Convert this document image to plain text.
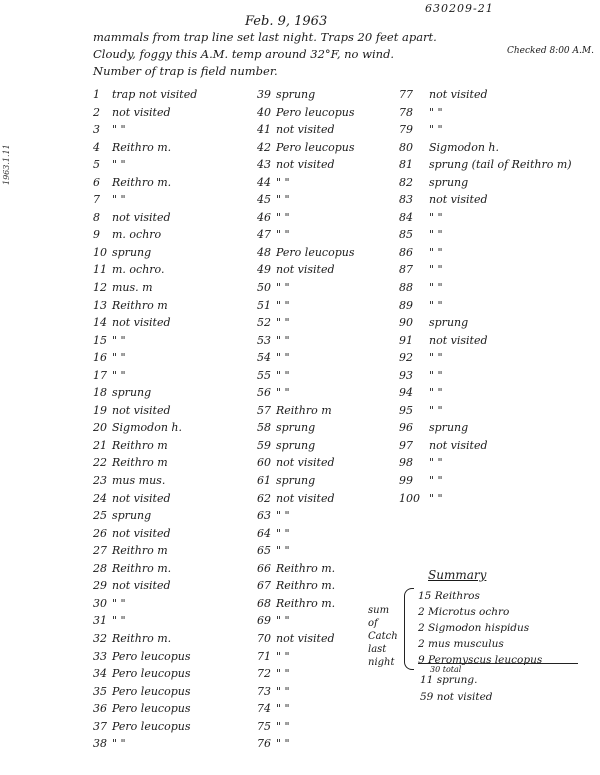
1963.1.11
630209-21
Feb. 9, 1963
mammals from trap line set last night. Traps 20 feet apart.
Cloudy, foggy this A.M. temp around 32°F, no wind.	Checked 8:00 A.M.
Number of trap is field number.
1	trap not visited
2	not visited
3	" "
4	Reithro m.
5	" "
6	Reithro m.
7	" "
8	not visited
9	m. ochro
10 sprung
11 m. ochro.
12 mus. m
13 Reithro m
14 not visited
15 " "
16 " "
17 " "
18 sprung
19 not visited
20 Sigmodon h.
21 Reithro m
22 Reithro m
23 mus mus.
24 not visited
25 sprung
26 not visited
27 Reithro m
28 Reithro m.
29 not visited
30 " "
31 " "
32 Reithro m.
33 Pero leucopus
34 Pero leucopus
35 Pero leucopus
36 Pero leucopus
37 Pero leucopus
38 " "
39 sprung
40 Pero leucopus
41 not visited
42 Pero leucopus
43 not visited
44 " "
45 " "
46 " "
47 " "
48 Pero leucopus
49 not visited
50 " "
51 " "
52 " "
53 " "
54 " "
55 " "
56 " "
57 Reithro m
58 sprung
59 sprung
60 not visited
61 sprung
62 not visited
63 " "
64 " "
65 " "
66 Reithro m.
67 Reithro m.
68 Reithro m.
69 " "
70 not visited
71 " "
72 " "
73 " "
74 " "
75 " "
76 " "
77	not visited
78	" "
79	" "
80	Sigmodon h.
81	sprung (tail of Reithro m)
82	sprung
83	not visited
84	" "
85	" "
86	" "
87	" "
88	" "
89	" "
90	sprung
91	not visited
92	" "
93	" "
94	" "
95	" "
96	sprung
97	not visited
98	" "
99	" "
100 " "
Summary
sum
of
Catch
last
night
15 Reithros
2 Microtus ochro
2 Sigmodon hispidus
2 mus musculus
9 Peromyscus leucopus
30 total
11 sprung.
59 not visited
